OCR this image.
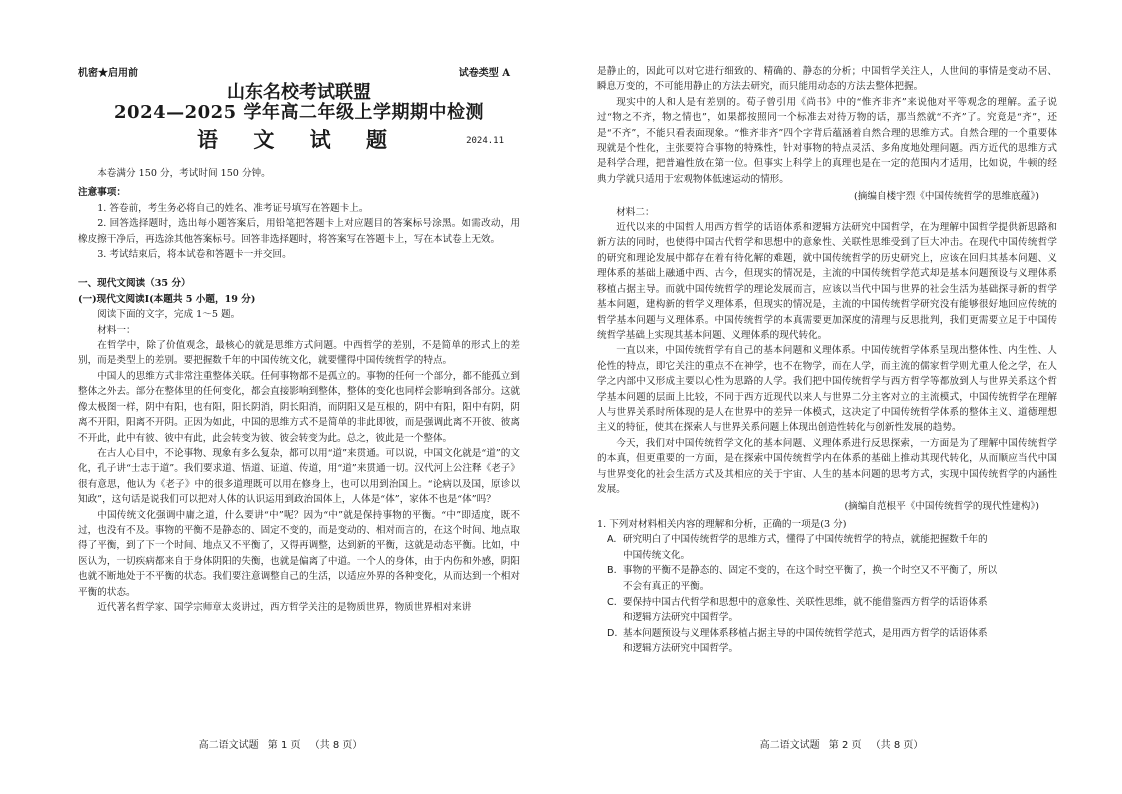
机密★启用前	试卷类型 A
山东名校考试联盟
2024—2025 学年高二年级上学期期中检测
语 文 试 题	2024.11

本卷满分 150 分，考试时间 150 分钟。

注意事项：

1. 答卷前，考生务必将自己的姓名、准考证号填写在答题卡上。

2. 回答选择题时，选出每小题答案后，用铅笔把答题卡上对应题目的答案标号涂黑。如需改动，用橡皮擦干净后，再选涂其他答案标号。回答非选择题时，将答案写在答题卡上，写在本试卷上无效。

3. 考试结束后，将本试卷和答题卡一并交回。

一、现代文阅读（35 分）

(一)现代文阅读Ⅰ(本题共 5 小题，19 分)

阅读下面的文字，完成 1～5 题。

材料一：

在哲学中，除了价值观念，最核心的就是思维方式问题。中西哲学的差别，不是简单的形式上的差别，而是类型上的差别。要把握数千年的中国传统文化，就要懂得中国传统哲学的特点。

中国人的思维方式非常注重整体关联。任何事物都不是孤立的。事物的任何一个部分，都不能孤立到整体之外去。部分在整体里的任何变化，都会直接影响到整体，整体的变化也同样会影响到各部分。这就像太极图一样，阴中有阳，也有阳，阳长阴消，阴长阳消，而阴阳又是互根的，阴中有阳，阳中有阴，阴离不开阳，阳离不开阴。正因为如此，中国的思维方式不是简单的非此即彼，而是强调此离不开彼、彼离不开此，此中有彼、彼中有此，此会转变为彼、彼会转变为此。总之，彼此是一个整体。

在古人心目中，不论事物、现象有多么复杂，都可以用“道”来贯通。可以说，中国文化就是“道”的文化，孔子讲“士志于道”。我们要求道、悟道、证道、传道，用“道”来贯通一切。汉代河上公注释《老子》很有意思，他认为《老子》中的很多道理既可以用在修身上，也可以用到治国上。“论病以及国，原诊以知政”，这句话是说我们可以把对人体的认识运用到政治国体上，人体是“体”，家体不也是“体”吗？

中国传统文化强调中庸之道，什么要讲“中”呢？因为“中”就是保持事物的平衡。“中”即适度，既不过，也没有不及。事物的平衡不是静态的、固定不变的，而是变动的、相对而言的，在这个时间、地点取得了平衡，到了下一个时间、地点又不平衡了，又得再调整，达到新的平衡，这就是动态平衡。比如，中医认为，一切疾病都来自于身体阴阳的失衡，也就是偏离了中道。一个人的身体，由于内伤和外感，阴阳也就不断地处于不平衡的状态。我们要注意调整自己的生活，以适应外界的各种变化，从而达到一个相对平衡的状态。

近代著名哲学家、国学宗师章太炎讲过，西方哲学关注的是物质世界，物质世界相对来讲

高二语文试题 第 1 页 （共 8 页）

是静止的，因此可以对它进行细致的、精确的、静态的分析；中国哲学关注人，人世间的事情是变动不居、瞬息万变的，不可能用静止的方法去研究，而只能用动态的方法去整体把握。

现实中的人和人是有差别的。荀子曾引用《尚书》中的“惟齐非齐”来说他对平等观念的理解。孟子说过“物之不齐，物之情也”，如果都按照同一个标准去对待万物的话，那当然就“不齐”了。究竟是“齐”，还是“不齐”，不能只看表面现象。“惟齐非齐”四个字背后蕴涵着自然合理的思维方式。自然合理的一个重要体现就是个性化，主张要符合事物的特殊性，针对事物的特点灵活、多角度地处理问题。西方近代的思维方式是科学合理，把普遍性放在第一位。但事实上科学上的真理也是在一定的范围内才适用，比如说，牛顿的经典力学就只适用于宏观物体低速运动的情形。

(摘编自楼宇烈《中国传统哲学的思维底蕴》)

材料二：

近代以来的中国哲人用西方哲学的话语体系和逻辑方法研究中国哲学，在为理解中国哲学提供新思路和新方法的同时，也使得中国古代哲学和思想中的意象性、关联性思维受到了巨大冲击。在现代中国传统哲学的研究和理论发展中都存在着有待化解的难题，就中国传统哲学的历史研究上，应该在回归其基本问题、义理体系的基础上融通中西、古今，但现实的情况是，主流的中国传统哲学范式却是基本问题预设与义理体系移植占据主导。而就中国传统哲学的理论发展而言，应该以当代中国与世界的社会生活为基础探寻新的哲学基本问题，建构新的哲学义理体系，但现实的情况是，主流的中国传统哲学研究没有能够很好地回应传统的哲学基本问题与义理体系。中国传统哲学的本真需要更加深度的清理与反思批判，我们更需要立足于中国传统哲学基础上实现其基本问题、义理体系的现代转化。

一直以来，中国传统哲学有自己的基本问题和义理体系。中国传统哲学体系呈现出整体性、内生性、人伦性的特点，即它关注的重点不在神学，也不在物学，而在人学，而主流的儒家哲学则尤重人伦之学，在人学之内部中又形成主要以心性为思路的人学。我们把中国传统哲学与西方哲学等都放到人与世界关系这个哲学基本问题的层面上比较，不同于西方近现代以来人与世界二分主客对立的主流模式，中国传统哲学在理解人与世界关系时所体现的是人在世界中的差异一体模式，这决定了中国传统哲学体系的整体主义、道德理想主义的特征，使其在探索人与世界关系问题上体现出创造性转化与创新性发展的趋势。

今天，我们对中国传统哲学文化的基本问题、义理体系进行反思探索，一方面是为了理解中国传统哲学的本真，但更重要的一方面，是在探索中国传统哲学内在体系的基础上推动其现代转化，从而顺应当代中国与世界变化的社会生活方式及其相应的关于宇宙、人生的基本问题的思考方式，实现中国传统哲学的内涵性发展。

(摘编自范根平《中国传统哲学的现代性建构》)

1. 下列对材料相关内容的理解和分析，正确的一项是(3 分)

A. 研究明白了中国传统哲学的思维方式，懂得了中国传统哲学的特点，就能把握数千年的
中国传统文化。
B. 事物的平衡不是静态的、固定不变的，在这个时空平衡了，换一个时空又不平衡了，所以
不会有真正的平衡。
C. 要保持中国古代哲学和思想中的意象性、关联性思维，就不能借鉴西方哲学的话语体系
和逻辑方法研究中国哲学。
D. 基本问题预设与义理体系移植占据主导的中国传统哲学范式，是用西方哲学的话语体系
和逻辑方法研究中国哲学。
高二语文试题 第 2 页 （共 8 页）
